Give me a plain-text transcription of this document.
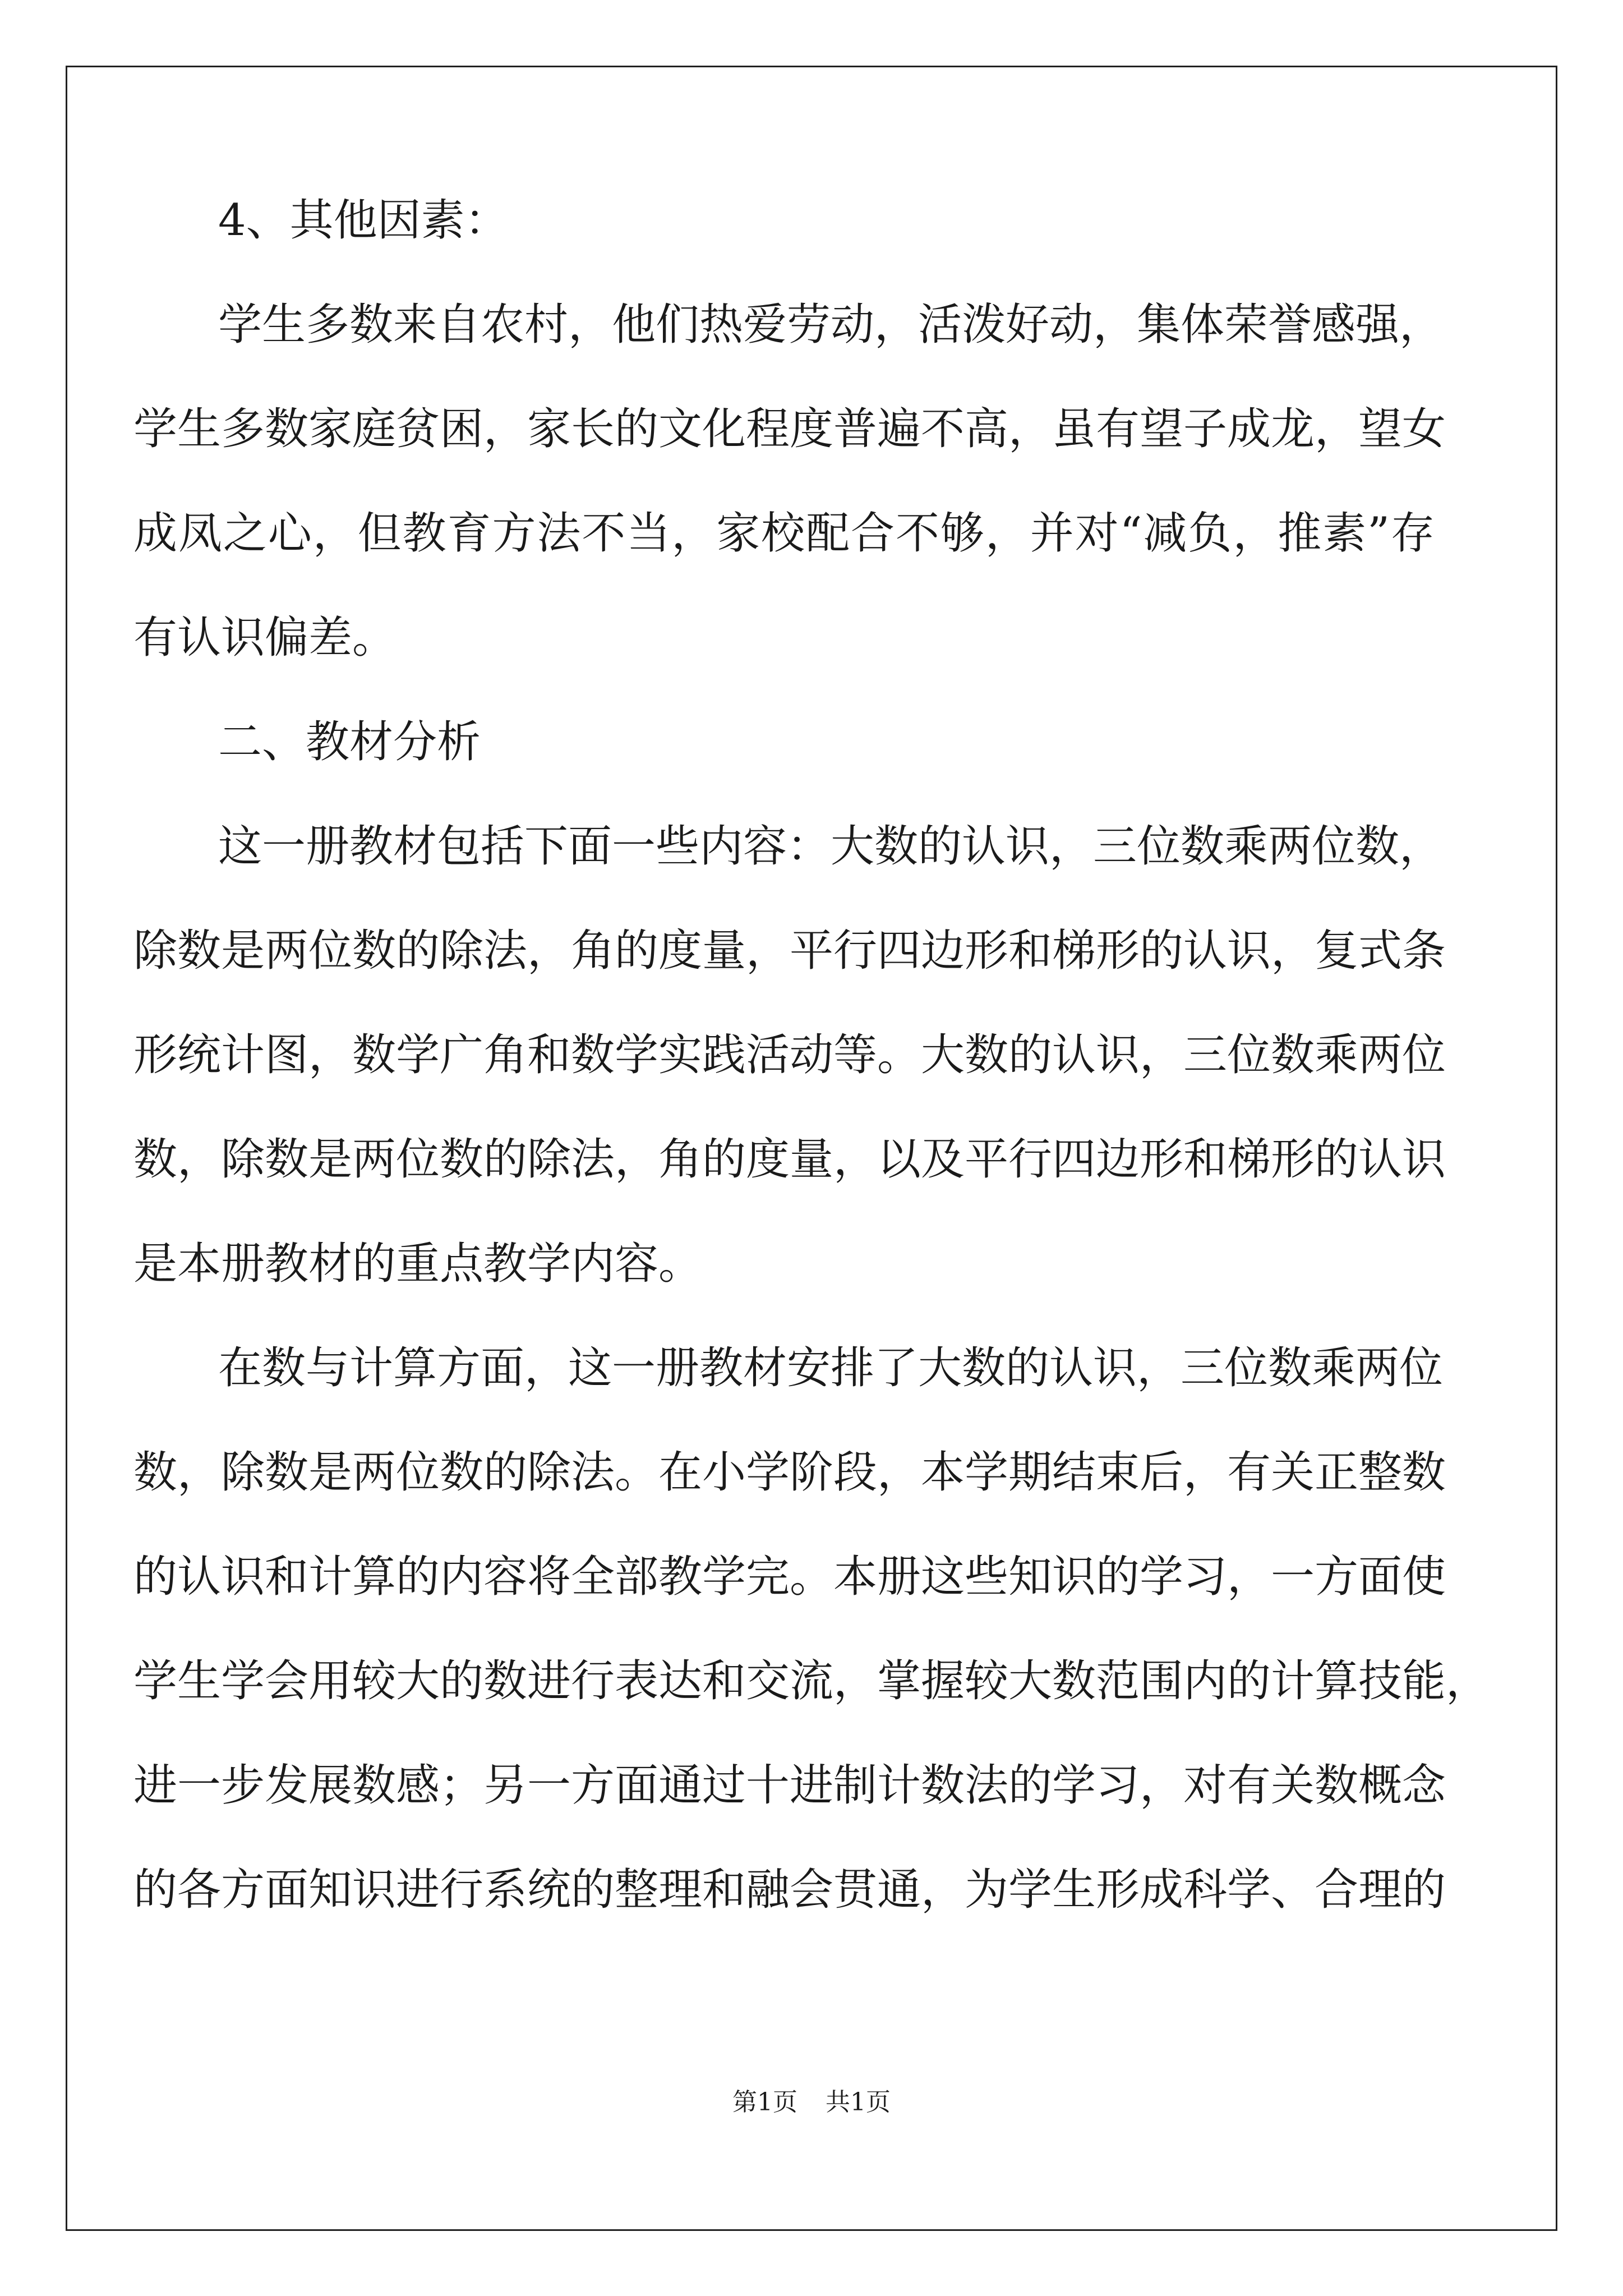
4、其他因素：
学生多数来自农村，他们热爱劳动，活泼好动，集体荣誉感强，
学生多数家庭贫困，家长的文化程度普遍不高，虽有望子成龙，望女
成凤之心，但教育方法不当，家校配合不够，并对“减负，推素”存
有认识偏差。
二、教材分析
这一册教材包括下面一些内容：大数的认识，三位数乘两位数，
除数是两位数的除法，角的度量，平行四边形和梯形的认识，复式条
形统计图，数学广角和数学实践活动等。大数的认识，三位数乘两位
数，除数是两位数的除法，角的度量，以及平行四边形和梯形的认识
是本册教材的重点教学内容。
在数与计算方面，这一册教材安排了大数的认识，三位数乘两位
数，除数是两位数的除法。在小学阶段，本学期结束后，有关正整数
的认识和计算的内容将全部教学完。本册这些知识的学习，一方面使
学生学会用较大的数进行表达和交流，掌握较大数范围内的计算技能，
进一步发展数感；另一方面通过十进制计数法的学习，对有关数概念
的各方面知识进行系统的整理和融会贯通，为学生形成科学、合理的
第1页 共1页
